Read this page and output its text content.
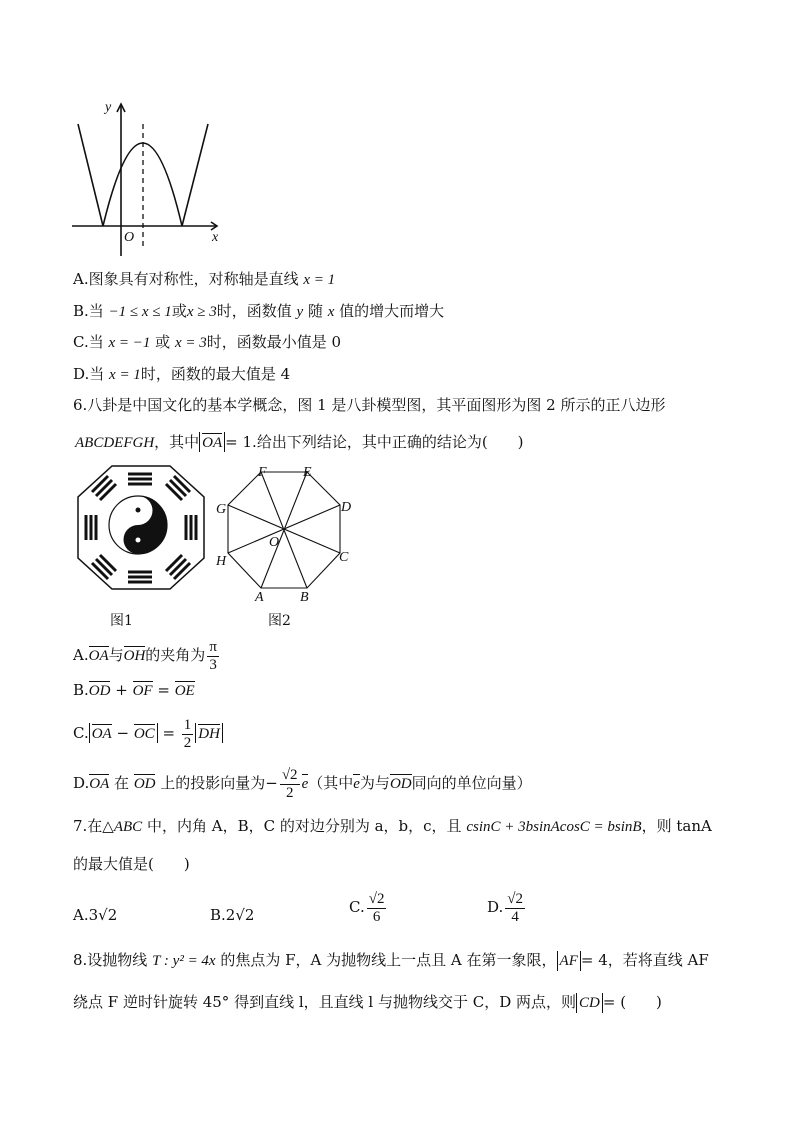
y
O	x
A.图象具有对称性，对称轴是直线 x = 1
B.当 −1 ≤ x ≤ 1或x ≥ 3时，函数值 y 随 x 值的增大而增大
C.当 x = −1 或 x = 3时，函数最小值是 0
D.当 x = 1时，函数的最大值是 4
6.八卦是中国文化的基本学概念，图 1 是八卦模型图，其平面图形为图 2 所示的正八边形
ABCDEFGH，其中 OA = 1.给出下列结论，其中正确的结论为(　　)
F	E
D
C
B
A
H
G
O
图1	图2
A.OA与OH的夹角为 $\frac{\pi}{3}$
B.OD + OF = OE
C. OA − OC = $\frac{1}{2}$ DH
D.OA 在 OD 上的投影向量为− $\frac{√2}{2} e$（其中e为与OD同向的单位向量）
7.在△ABC 中，内角 A，B，C 的对边分别为 a，b，c，且 csinC + 3bsinAcosC = bsinB，则 tanA
的最大值是(　　)
A.3√2	B.2√2	C. $\frac{√2}{6}$	D. $\frac{√2}{4}$
8.设抛物线 T : y² = 4x 的焦点为 F，A 为抛物线上一点且 A 在第一象限， AF = 4，若将直线 AF
绕点 F 逆时针旋转 45° 得到直线 l，且直线 l 与抛物线交于 C，D 两点，则 CD = (　　)
